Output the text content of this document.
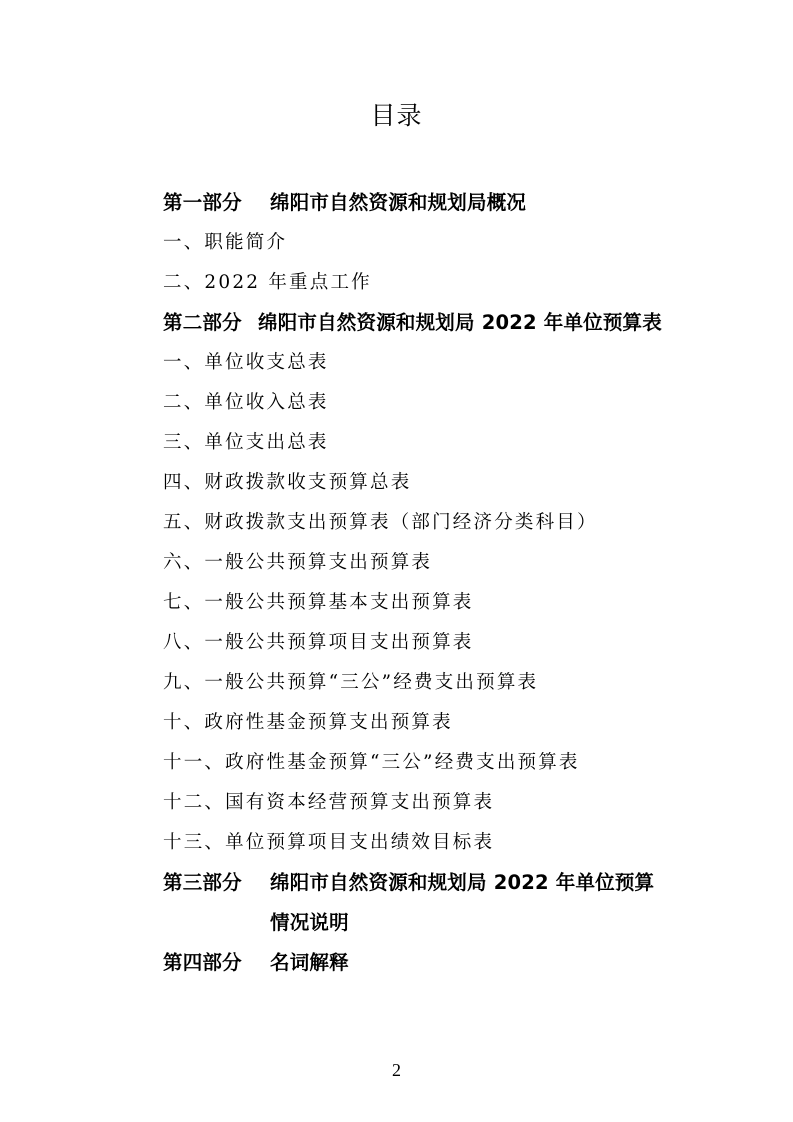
目录
第一部分 绵阳市自然资源和规划局概况
一、职能简介
二、2022 年重点工作
第二部分 绵阳市自然资源和规划局 2022 年单位预算表
一、单位收支总表
二、单位收入总表
三、单位支出总表
四、财政拨款收支预算总表
五、财政拨款支出预算表（部门经济分类科目）
六、一般公共预算支出预算表
七、一般公共预算基本支出预算表
八、一般公共预算项目支出预算表
九、一般公共预算“三公”经费支出预算表
十、政府性基金预算支出预算表
十一、政府性基金预算“三公”经费支出预算表
十二、国有资本经营预算支出预算表
十三、单位预算项目支出绩效目标表
第三部分 绵阳市自然资源和规划局 2022 年单位预算
情况说明
第四部分 名词解释
2
